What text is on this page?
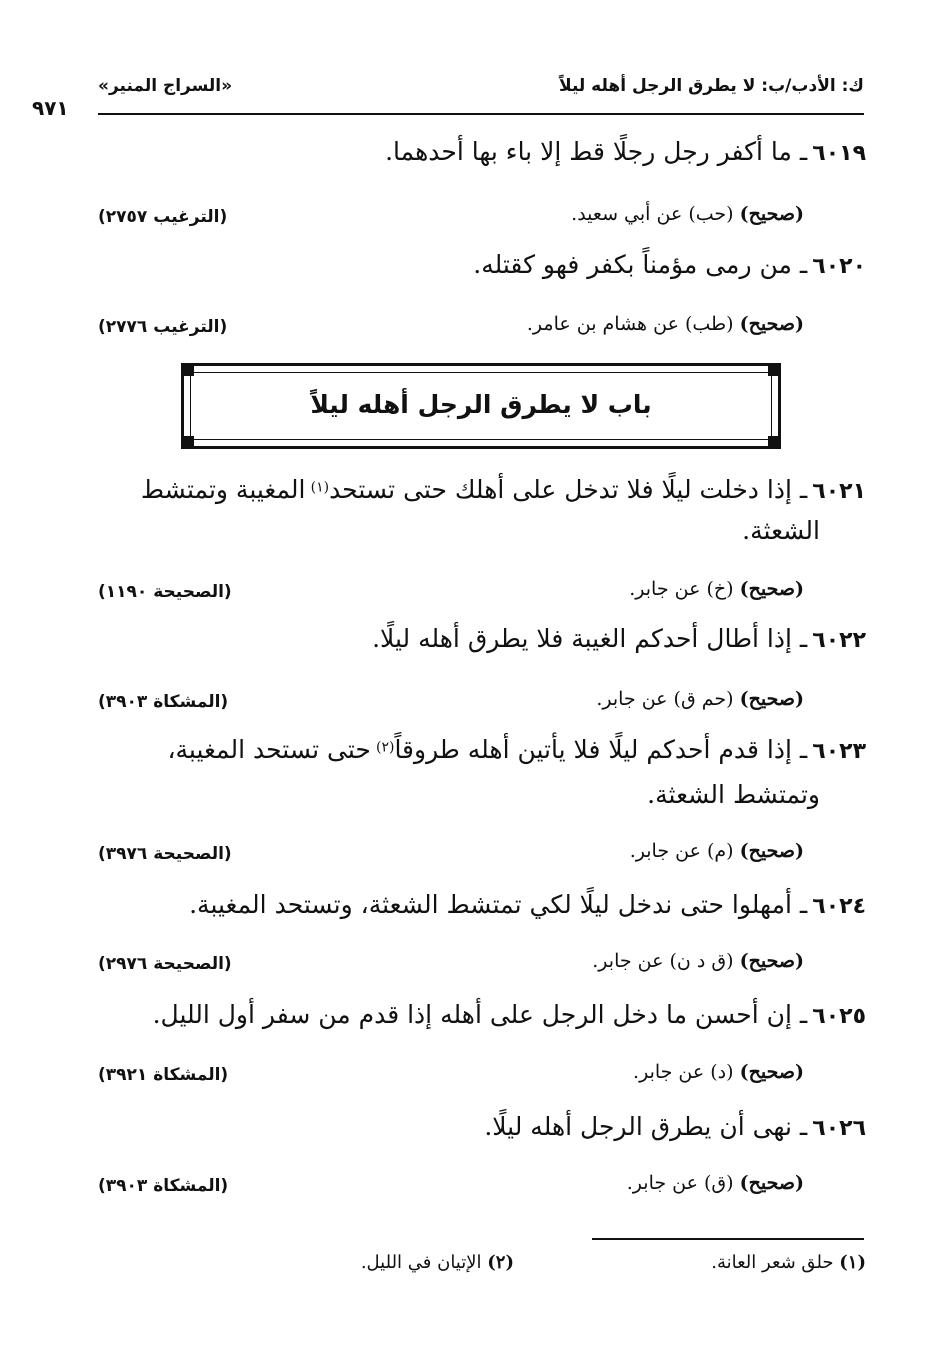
ك: الأدب/ب: لا يطرق الرجل أهله ليلاً
«السراج المنير»
٩٧١
٦٠١٩ ـ ما أكفر رجل رجلًا قط إلا باء بها أحدهما.
(صحيح) (حب) عن أبي سعيد.
(الترغيب ٢٧٥٧)
٦٠٢٠ ـ من رمى مؤمناً بكفر فهو كقتله.
(صحيح) (طب) عن هشام بن عامر.
(الترغيب ٢٧٧٦)
باب لا يطرق الرجل أهله ليلاً
٦٠٢١ ـ إذا دخلت ليلًا فلا تدخل على أهلك حتى تستحد$^{(١)}$ المغيبة وتمتشط
الشعثة.
(صحيح) (خ) عن جابر.
(الصحيحة ١١٩٠)
٦٠٢٢ ـ إذا أطال أحدكم الغيبة فلا يطرق أهله ليلًا.
(صحيح) (حم ق) عن جابر.
(المشكاة ٣٩٠٣)
٦٠٢٣ ـ إذا قدم أحدكم ليلًا فلا يأتين أهله طروقاً$^{(٢)}$ حتى تستحد المغيبة،
وتمتشط الشعثة.
(صحيح) (م) عن جابر.
(الصحيحة ٣٩٧٦)
٦٠٢٤ ـ أمهلوا حتى ندخل ليلًا لكي تمتشط الشعثة، وتستحد المغيبة.
(صحيح) (ق د ن) عن جابر.
(الصحيحة ٢٩٧٦)
٦٠٢٥ ـ إن أحسن ما دخل الرجل على أهله إذا قدم من سفر أول الليل.
(صحيح) (د) عن جابر.
(المشكاة ٣٩٢١)
٦٠٢٦ ـ نهى أن يطرق الرجل أهله ليلًا.
(صحيح) (ق) عن جابر.
(المشكاة ٣٩٠٣)
(١) حلق شعر العانة.
(٢) الإتيان في الليل.
